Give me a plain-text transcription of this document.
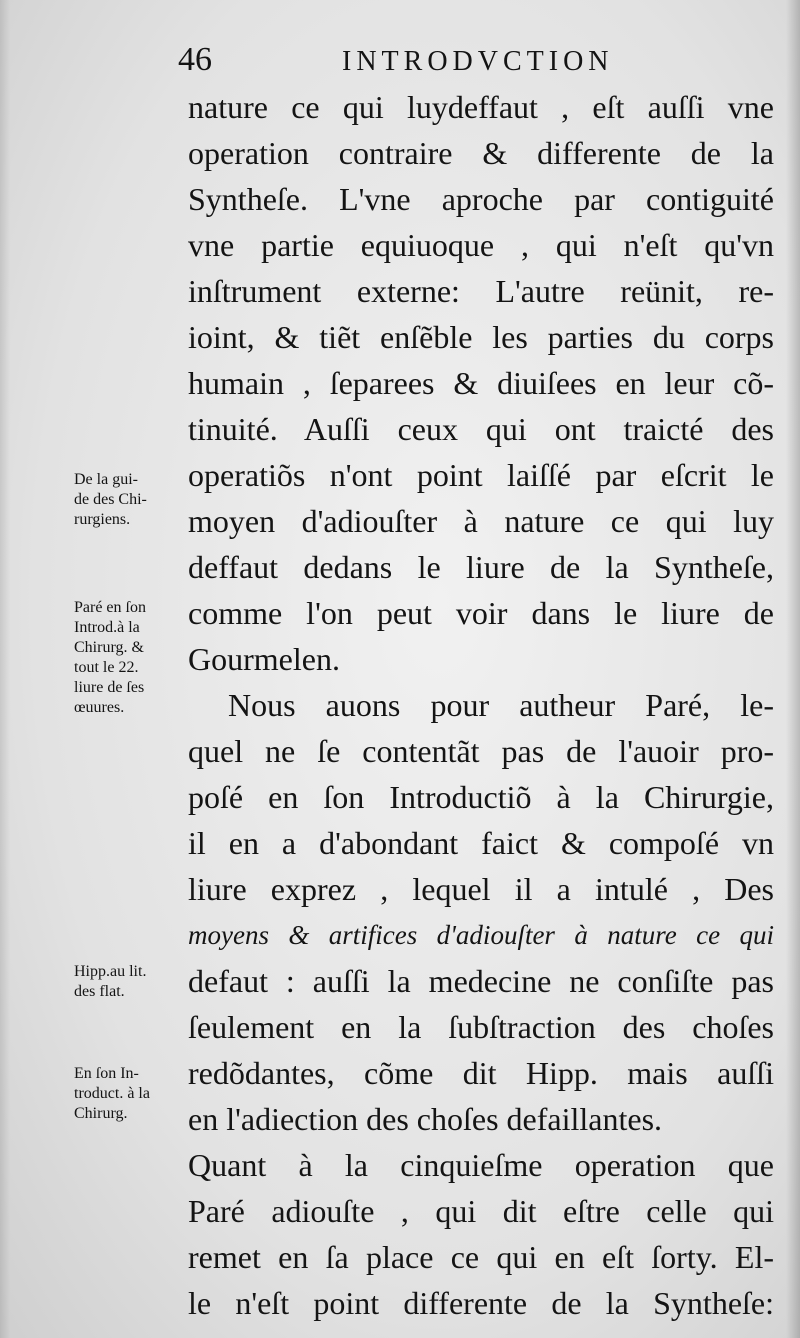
46	INTRODVCTION
nature ce qui luydeffaut , eſt auſſi vne
operation contraire & differente de la
Syntheſe. L'vne aproche par contiguité
vne partie equiuoque , qui n'eſt qu'vn
inſtrument externe: L'autre reünit, re-
ioint, & tiẽt enſẽble les parties du corps
humain , ſeparees & diuiſees en leur cõ-
tinuité. Auſſi ceux qui ont traicté des
operatiõs n'ont point laiſſé par eſcrit le
moyen d'adiouſter à nature ce qui luy
deffaut dedans le liure de la Syntheſe,
comme l'on peut voir dans le liure de
Gourmelen.
Nous auons pour autheur Paré, le-
quel ne ſe contentãt pas de l'auoir pro-
poſé en ſon Introductiõ à la Chirurgie,
il en a d'abondant faict & compoſé vn
liure exprez , lequel il a intulé , Des
moyens & artifices d'adiouſter à nature ce qui
defaut : auſſi la medecine ne conſiſte pas
ſeulement en la ſubſtraction des choſes
redõdantes, cõme dit Hipp. mais auſſi
en l'adiection des choſes defaillantes.
Quant à la cinquieſme operation que
Paré adiouſte , qui dit eſtre celle qui
remet en ſa place ce qui en eſt ſorty. El-
le n'eſt point differente de la Syntheſe:
De la gui-
de des Chi-
rurgiens.
Paré en ſon
Introd.à la
Chirurg. &
tout le 22.
liure de ſes
œuures.
Hipp.au lit.
des flat.
En ſon In-
troduct. à la
Chirurg.
